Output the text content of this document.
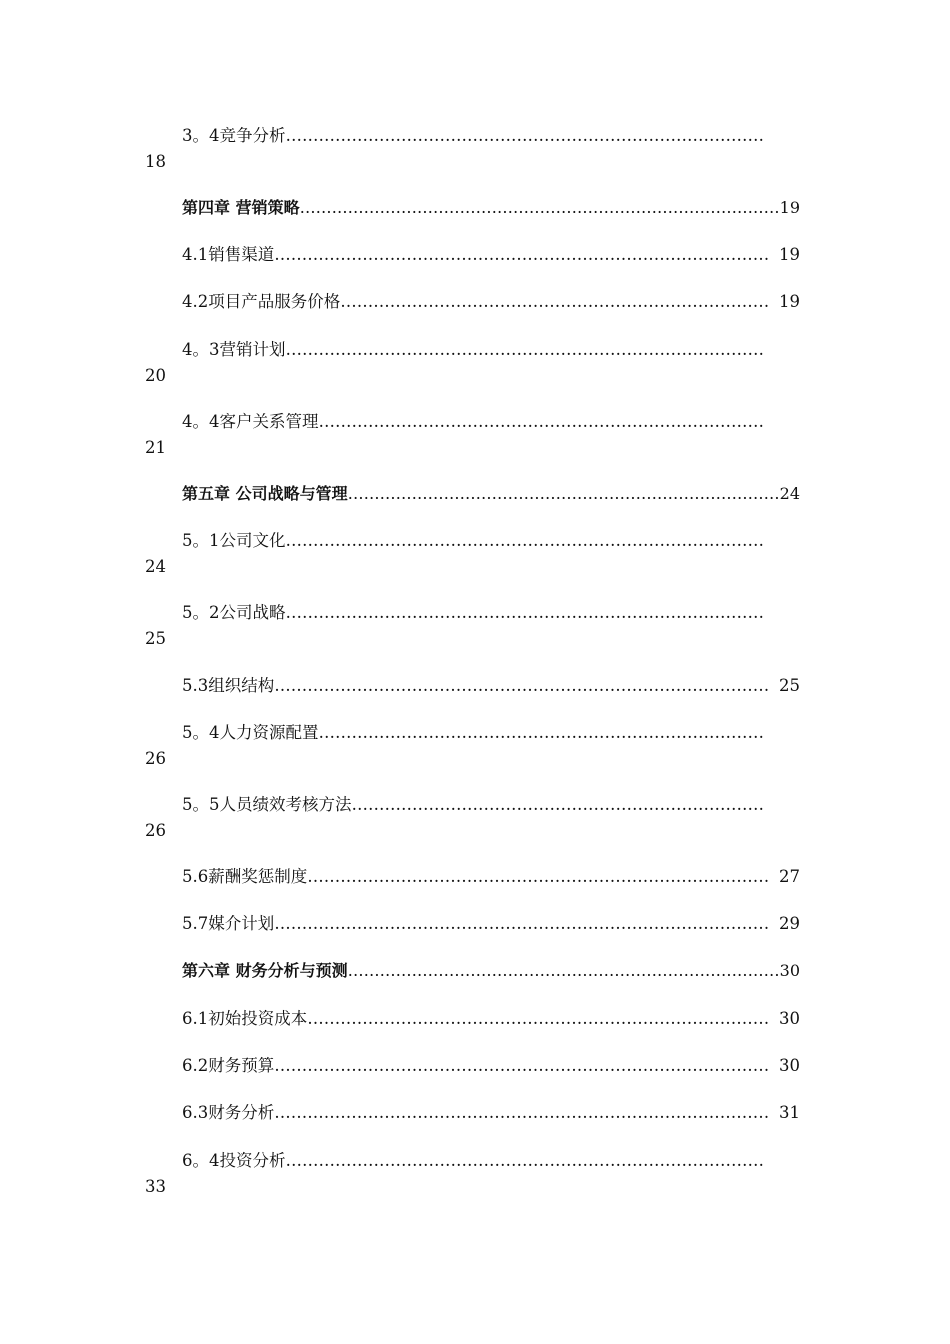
3。4竞争分析……………………………………………………………………………
18
第四章 营销策略………………………………………………………………………………19
4.1销售渠道……………………………………………………………………………… 19
4.2项目产品服务价格…………………………………………………………………… 19
4。3营销计划……………………………………………………………………………
20
4。4客户关系管理………………………………………………………………………
21
第五章 公司战略与管理………………………………………………………………………24
5。1公司文化……………………………………………………………………………
24
5。2公司战略……………………………………………………………………………
25
5.3组织结构……………………………………………………………………………… 25
5。4人力资源配置………………………………………………………………………
26
5。5人员绩效考核方法…………………………………………………………………
26
5.6薪酬奖惩制度………………………………………………………………………… 27
5.7媒介计划……………………………………………………………………………… 29
第六章 财务分析与预测………………………………………………………………………30
6.1初始投资成本………………………………………………………………………… 30
6.2财务预算……………………………………………………………………………… 30
6.3财务分析……………………………………………………………………………… 31
6。4投资分析……………………………………………………………………………
33
